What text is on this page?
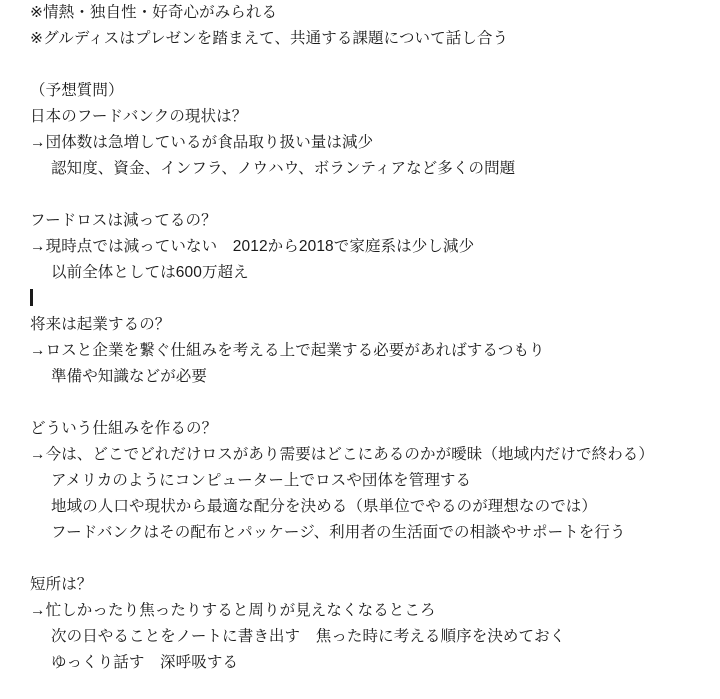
※情熱・独自性・好奇心がみられる
※グルディスはプレゼンを踏まえて、共通する課題について話し合う
（予想質問）
日本のフードバンクの現状は？
→団体数は急増しているが食品取り扱い量は減少
認知度、資金、インフラ、ノウハウ、ボランティアなど多くの問題
フードロスは減ってるの？
→現時点では減っていない　2012から2018で家庭系は少し減少
以前全体としては600万超え
将来は起業するの？
→ロスと企業を繋ぐ仕組みを考える上で起業する必要があればするつもり
準備や知識などが必要
どういう仕組みを作るの？
→今は、どこでどれだけロスがあり需要はどこにあるのかが曖昧（地域内だけで終わる）
アメリカのようにコンピューター上でロスや団体を管理する
地域の人口や現状から最適な配分を決める（県単位でやるのが理想なのでは）
フードバンクはその配布とパッケージ、利用者の生活面での相談やサポートを行う
短所は？
→忙しかったり焦ったりすると周りが見えなくなるところ
次の日やることをノートに書き出す　焦った時に考える順序を決めておく
ゆっくり話す　深呼吸する
